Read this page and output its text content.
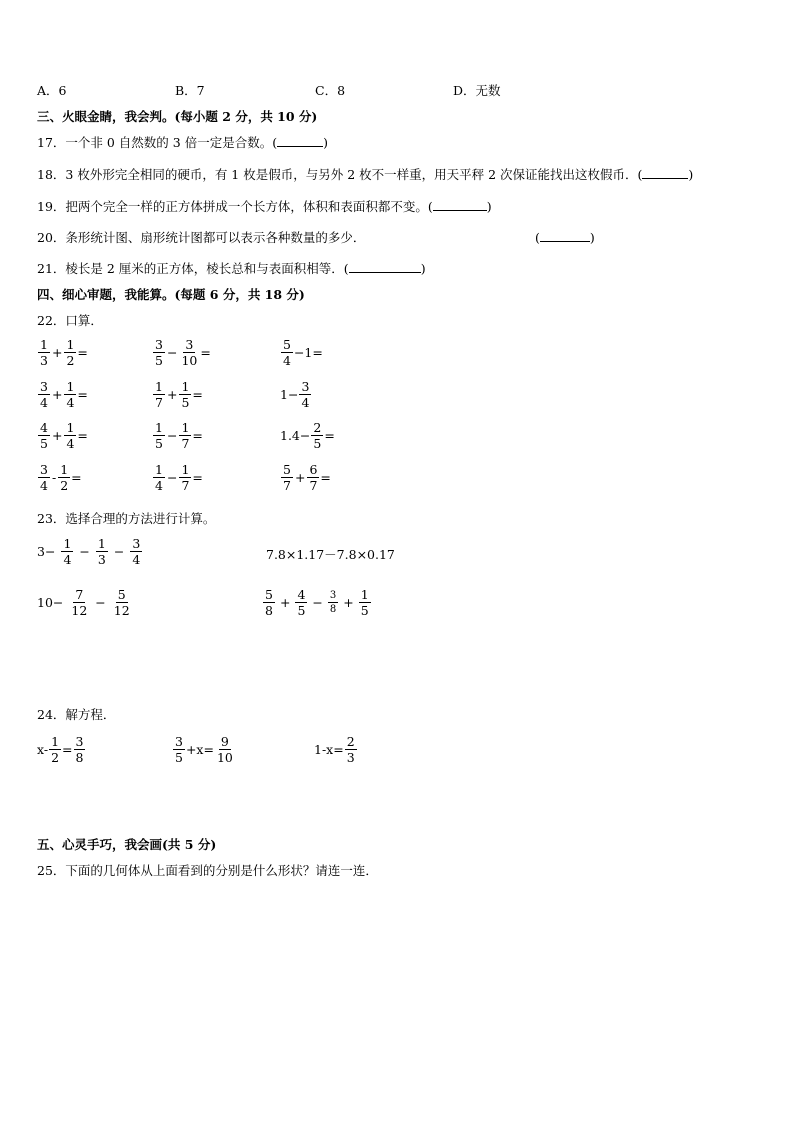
A．6	B．7	C．8	D．无数
三、火眼金睛，我会判。(每小题 2 分，共 10 分)
17．一个非 0 自然数的 3 倍一定是合数。(	)
18．3 枚外形完全相同的硬币，有 1 枚是假币，与另外 2 枚不一样重，用天平秤 2 次保证能找出这枚假币．(	)
19．把两个完全一样的正方体拼成一个长方体，体积和表面积都不变。(	)
20．条形统计图、扇形统计图都可以表示各种数量的多少．	(	)
21．棱长是 2 厘米的正方体，棱长总和与表面积相等．(	)
四、细心审题，我能算。(每题 6 分，共 18 分)
22．口算．
$\frac{1}{3} + \frac{1}{2}$ =	$\frac{3}{5} - \frac{3}{10}$ =	$\frac{5}{4} -1=$
$\frac{3}{4} + \frac{1}{4}$ =	$\frac{1}{7} + \frac{1}{5}$ =	$1- \frac{3}{4}$
$\frac{4}{5} + \frac{1}{4}$ =	$\frac{1}{5} - \frac{1}{7}$ =	$1.4- \frac{2}{5}$ =
$\frac{3}{4} - \frac{1}{2}$ =	$\frac{1}{4} - \frac{1}{7}$ =	$\frac{5}{7} + \frac{6}{7}$ =
23．选择合理的方法进行计算。
$3- \frac{1}{4} - \frac{1}{3} - \frac{3}{4}$	7.8×1.17－7.8×0.17
$10- \frac{7}{12} - \frac{5}{12}$	$\frac{5}{8} + \frac{4}{5} - \frac{3}{8} + \frac{1}{5}$
24．解方程．
$x- \frac{1}{2} = \frac{3}{8}$	$\frac{3}{5} +x= \frac{9}{10}$	$1-x= \frac{2}{3}$
五、心灵手巧，我会画(共 5 分)
25．下面的几何体从上面看到的分别是什么形状？请连一连．
